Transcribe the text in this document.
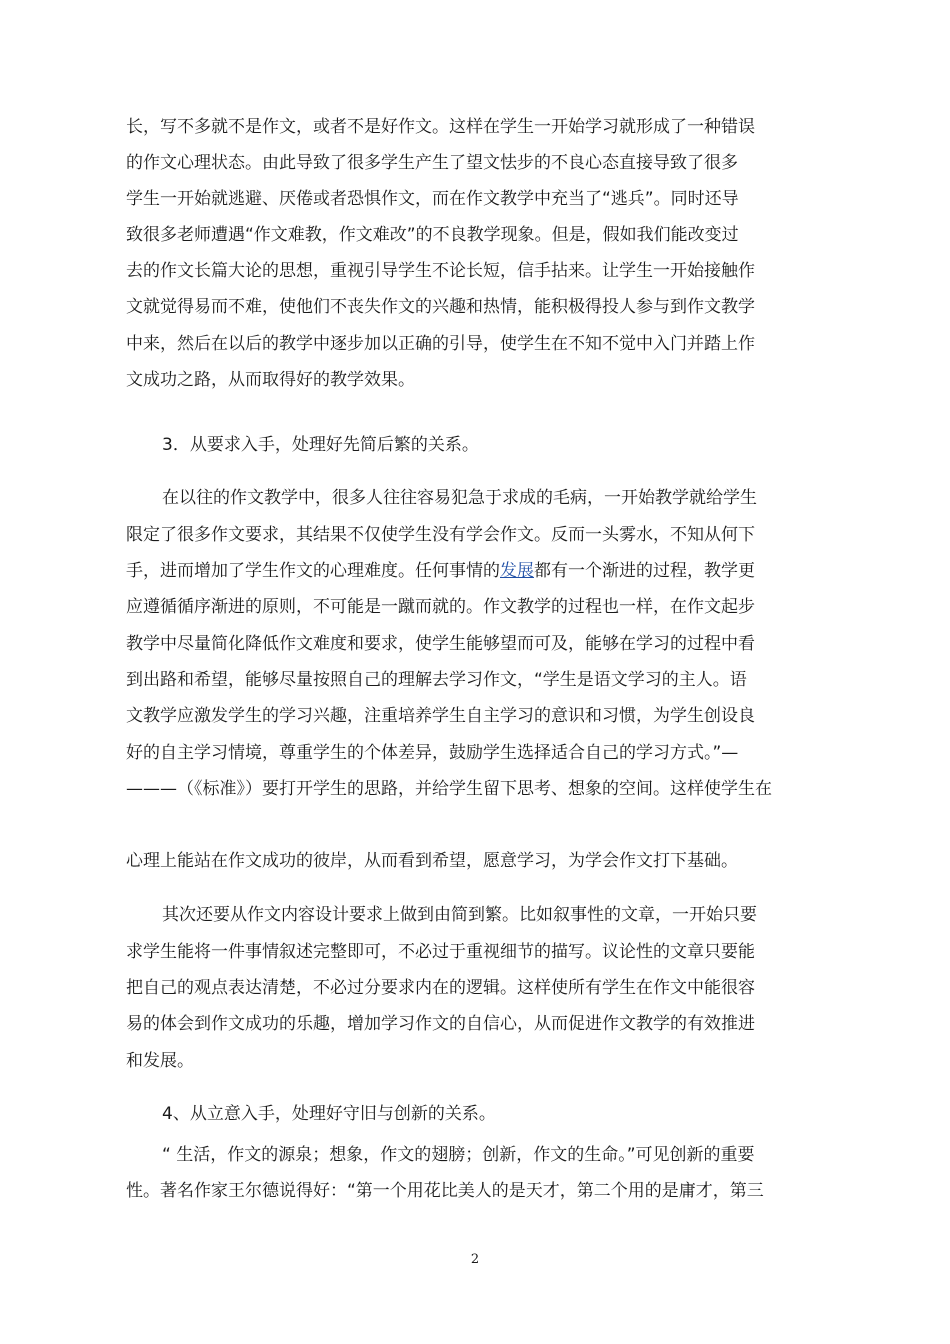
长，写不多就不是作文，或者不是好作文。这样在学生一开始学习就形成了一种错误
的作文心理状态。由此导致了很多学生产生了望文怯步的不良心态直接导致了很多
学生一开始就逃避、厌倦或者恐惧作文，而在作文教学中充当了“逃兵”。同时还导
致很多老师遭遇“作文难教，作文难改”的不良教学现象。但是，假如我们能改变过
去的作文长篇大论的思想，重视引导学生不论长短，信手拈来。让学生一开始接触作
文就觉得易而不难，使他们不丧失作文的兴趣和热情，能积极得投人参与到作文教学
中来，然后在以后的教学中逐步加以正确的引导，使学生在不知不觉中入门并踏上作
文成功之路，从而取得好的教学效果。
3．从要求入手，处理好先简后繁的关系。
在以往的作文教学中，很多人往往容易犯急于求成的毛病，一开始教学就给学生
限定了很多作文要求，其结果不仅使学生没有学会作文。反而一头雾水，不知从何下
手，进而增加了学生作文的心理难度。任何事情的发展都有一个渐进的过程，教学更
应遵循循序渐进的原则，不可能是一蹴而就的。作文教学的过程也一样，在作文起步
教学中尽量简化降低作文难度和要求，使学生能够望而可及，能够在学习的过程中看
到出路和希望，能够尽量按照自己的理解去学习作文，“学生是语文学习的主人。语
文教学应激发学生的学习兴趣，注重培养学生自主学习的意识和习惯，为学生创设良
好的自主学习情境，尊重学生的个体差异，鼓励学生选择适合自己的学习方式。”—
———（《标准》）要打开学生的思路，并给学生留下思考、想象的空间。这样使学生在
心理上能站在作文成功的彼岸，从而看到希望，愿意学习，为学会作文打下基础。
其次还要从作文内容设计要求上做到由简到繁。比如叙事性的文章，一开始只要
求学生能将一件事情叙述完整即可，不必过于重视细节的描写。议论性的文章只要能
把自己的观点表达清楚，不必过分要求内在的逻辑。这样使所有学生在作文中能很容
易的体会到作文成功的乐趣，增加学习作文的自信心，从而促进作文教学的有效推进
和发展。
4、从立意入手，处理好守旧与创新的关系。
“ 生活，作文的源泉；想象，作文的翅膀；创新，作文的生命。”可见创新的重要
性。著名作家王尔德说得好：“第一个用花比美人的是天才，第二个用的是庸才，第三
2
